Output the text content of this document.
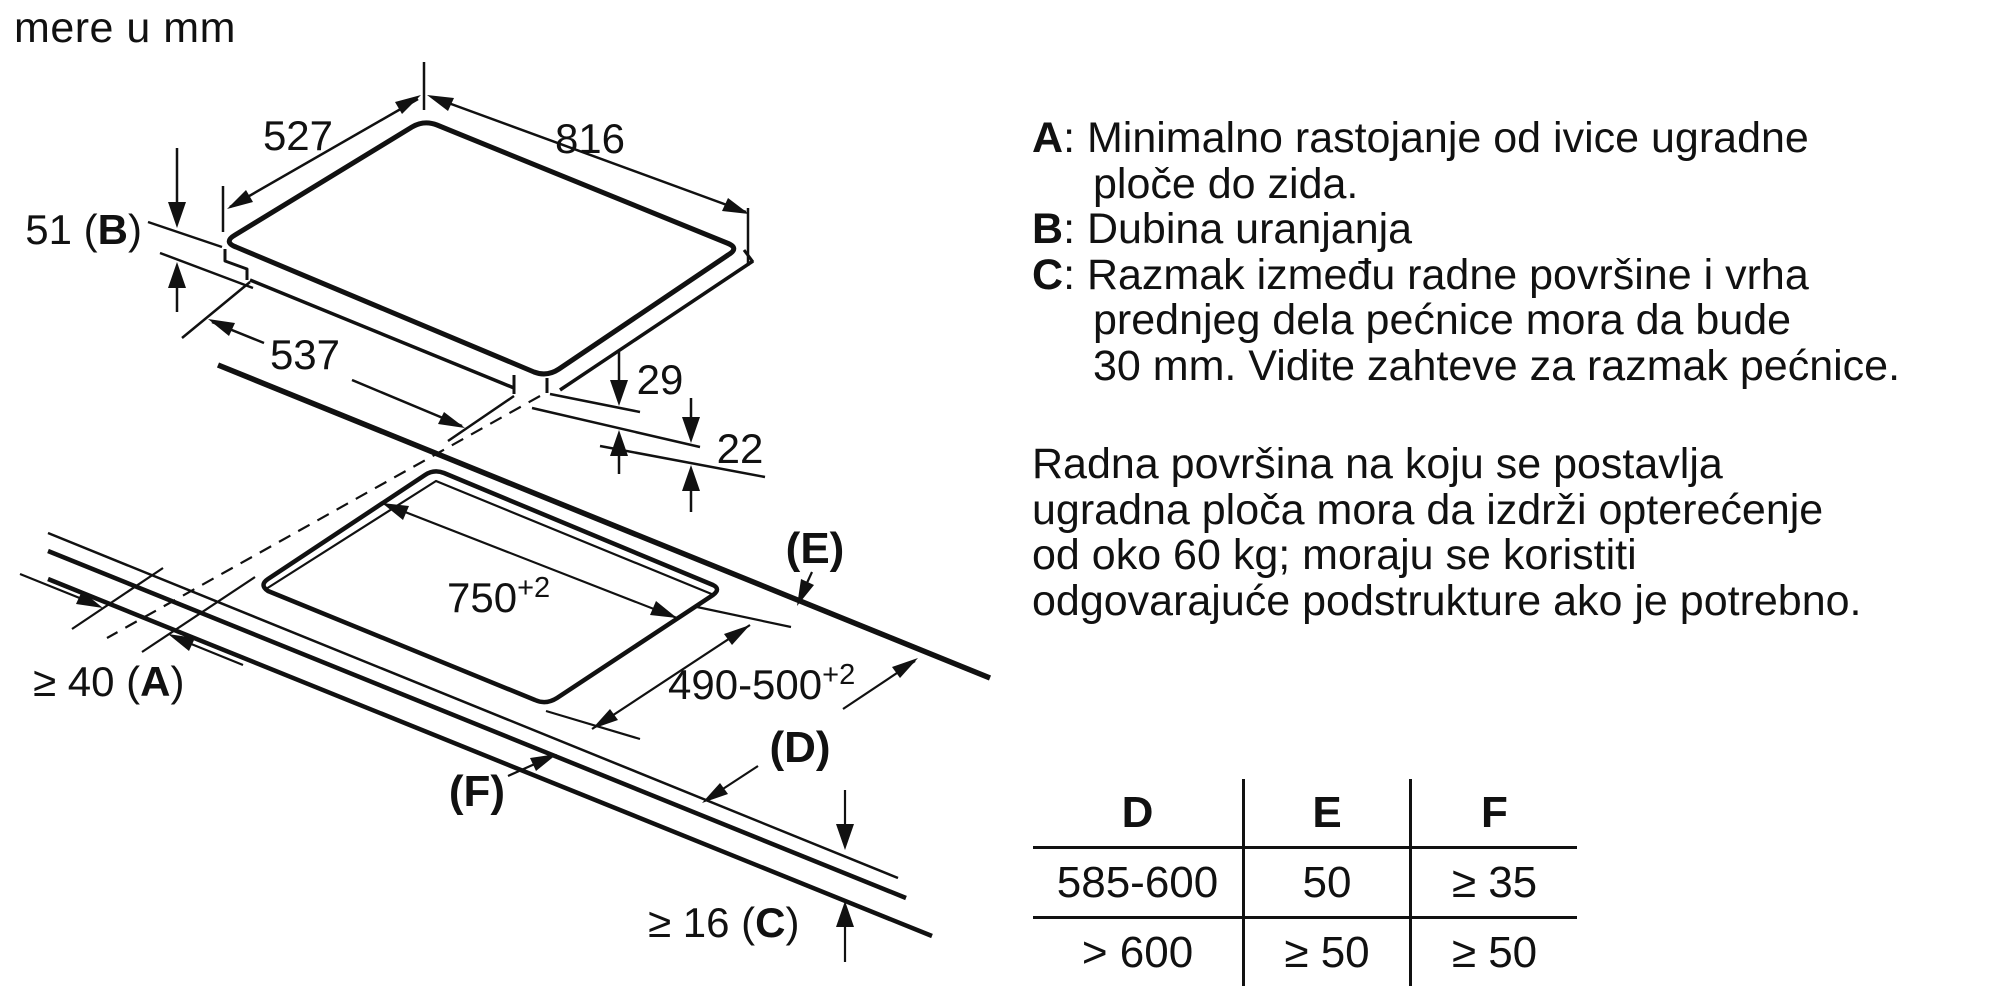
mere u mm
527	816
51 (B)
537
29
22
$750^{+2}$
$490-500^{+2}$
≥ 40 (A)
≥ 16 (C)
(E)
(D)
(F)
A: Minimalno rastojanje od ivice ugradne
ploče do zida.
B: Dubina uranjanja
C: Razmak između radne površine i vrha
prednjeg dela pećnice mora da bude
30 mm. Vidite zahteve za razmak pećnice.
Radna površina na koju se postavlja
ugradna ploča mora da izdrži opterećenje
od oko 60 kg; moraju se koristiti
odgovarajuće podstrukture ako je potrebno.
D	E	F
585-600	50	≥ 35
> 600	≥ 50	≥ 50
